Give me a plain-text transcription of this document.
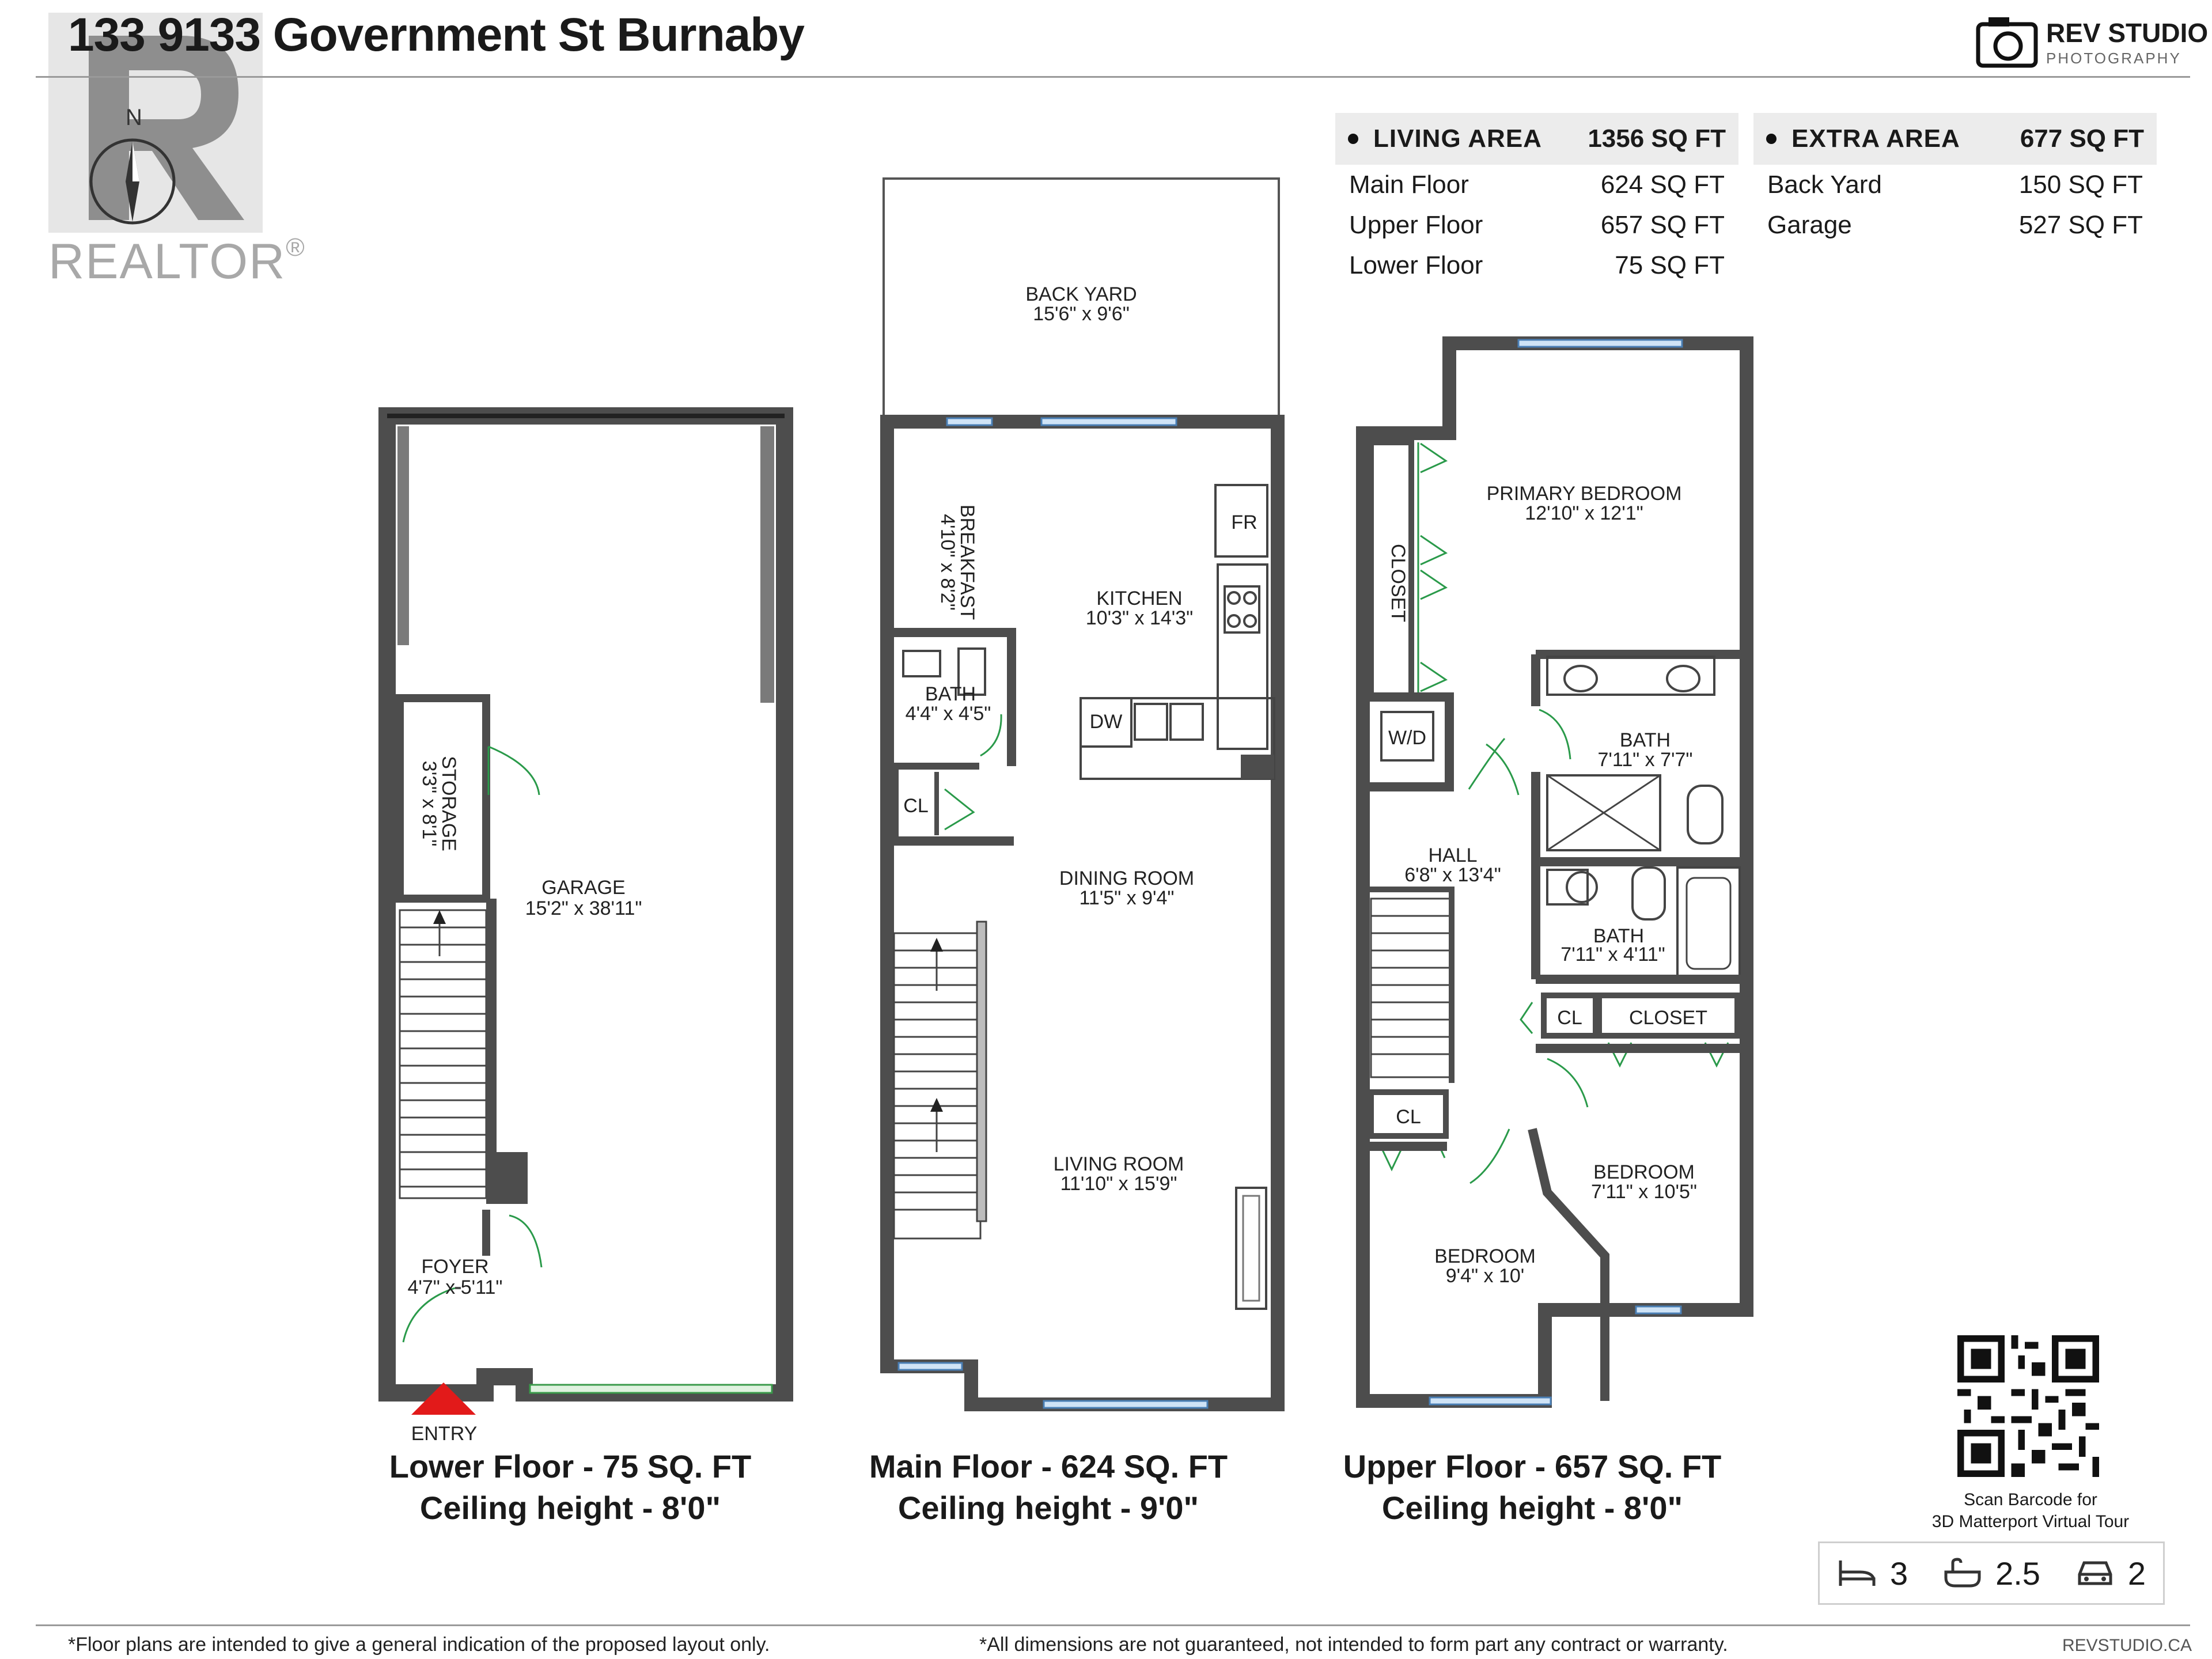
N
REALTOR®
133 9133 Government St Burnaby	REV STUDIO
PHOTOGRAPHY
LIVING AREA	1356 SQ FT
Main Floor	624 SQ FT
Upper Floor	657 SQ FT
Lower Floor	75 SQ FT
EXTRA AREA	677 SQ FT
Back Yard	150 SQ FT
Garage	527 SQ FT
ENTRY
GARAGE
15'2" x 38'11"
STORAGE
3'3" x 8'1"
FOYER
4'7" x 5'11"
BACK YARD
15'6" x 9'6"
FR
DW
CL
BREAKFAST
4'10" x 8'2"	KITCHEN
10'3" x 14'3"
BATH
4'4" x 4'5"
DINING ROOM
11'5" x 9'4"
LIVING ROOM
11'10" x 15'9"
CLOSET
W/D
CL CLOSET
CL
PRIMARY BEDROOM
12'10" x 12'1"
BATH
7'11" x 7'7"
HALL
6'8" x 13'4"
BATH
7'11" x 4'11"
BEDROOM
7'11" x 10'5"
BEDROOM
9'4" x 10'
Lower Floor - 75 SQ. FT
Ceiling height - 8'0"
Main Floor - 624 SQ. FT
Ceiling height - 9'0"
Upper Floor - 657 SQ. FT
Ceiling height - 8'0"	Scan Barcode for
3D Matterport Virtual Tour
3	2.5	2
*Floor plans are intended to give a general indication of the proposed layout only.	*All dimensions are not guaranteed, not intended to form part any contract or warranty.	REVSTUDIO.CA
